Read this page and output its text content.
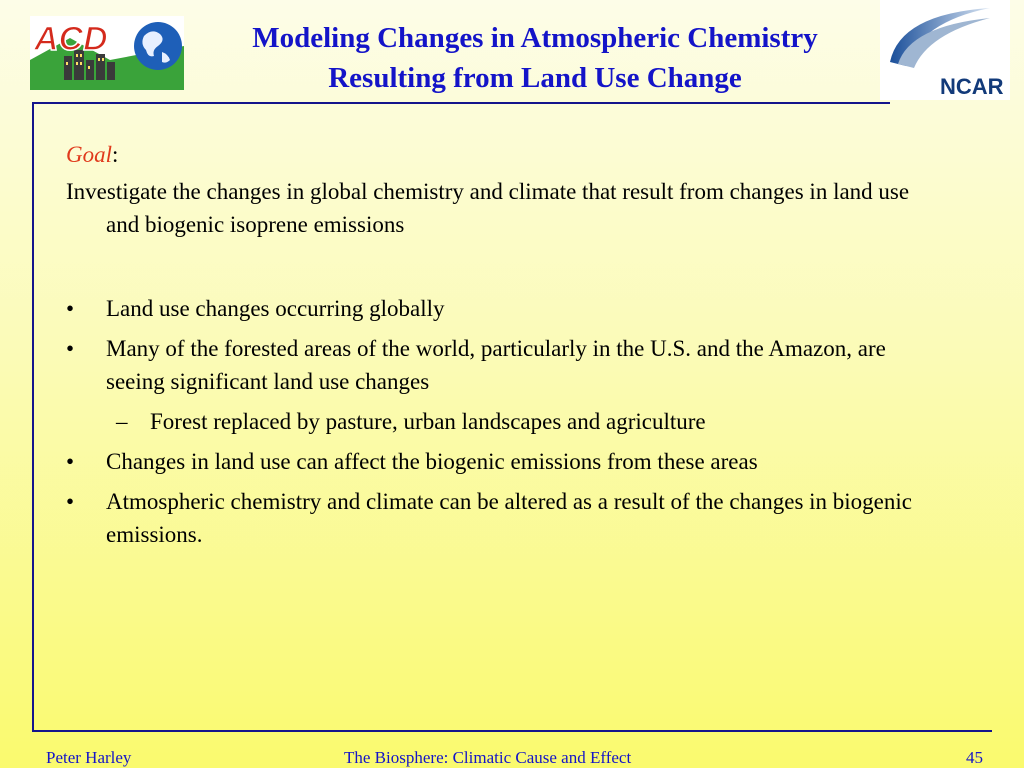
ACD	Modeling Changes in Atmospheric Chemistry
Resulting from Land Use Change	NCAR
Goal:
Investigate the changes in global chemistry and climate that result from changes in land use and biogenic isoprene emissions
• Land use changes occurring globally
• Many of the forested areas of the world, particularly in the U.S. and the Amazon, are seeing significant land use changes
– Forest replaced by pasture, urban landscapes and agriculture
• Changes in land use can affect the biogenic emissions from these areas
• Atmospheric chemistry and climate can be altered as a result of the changes in biogenic emissions.
Peter Harley	The Biosphere: Climatic Cause and Effect	45
